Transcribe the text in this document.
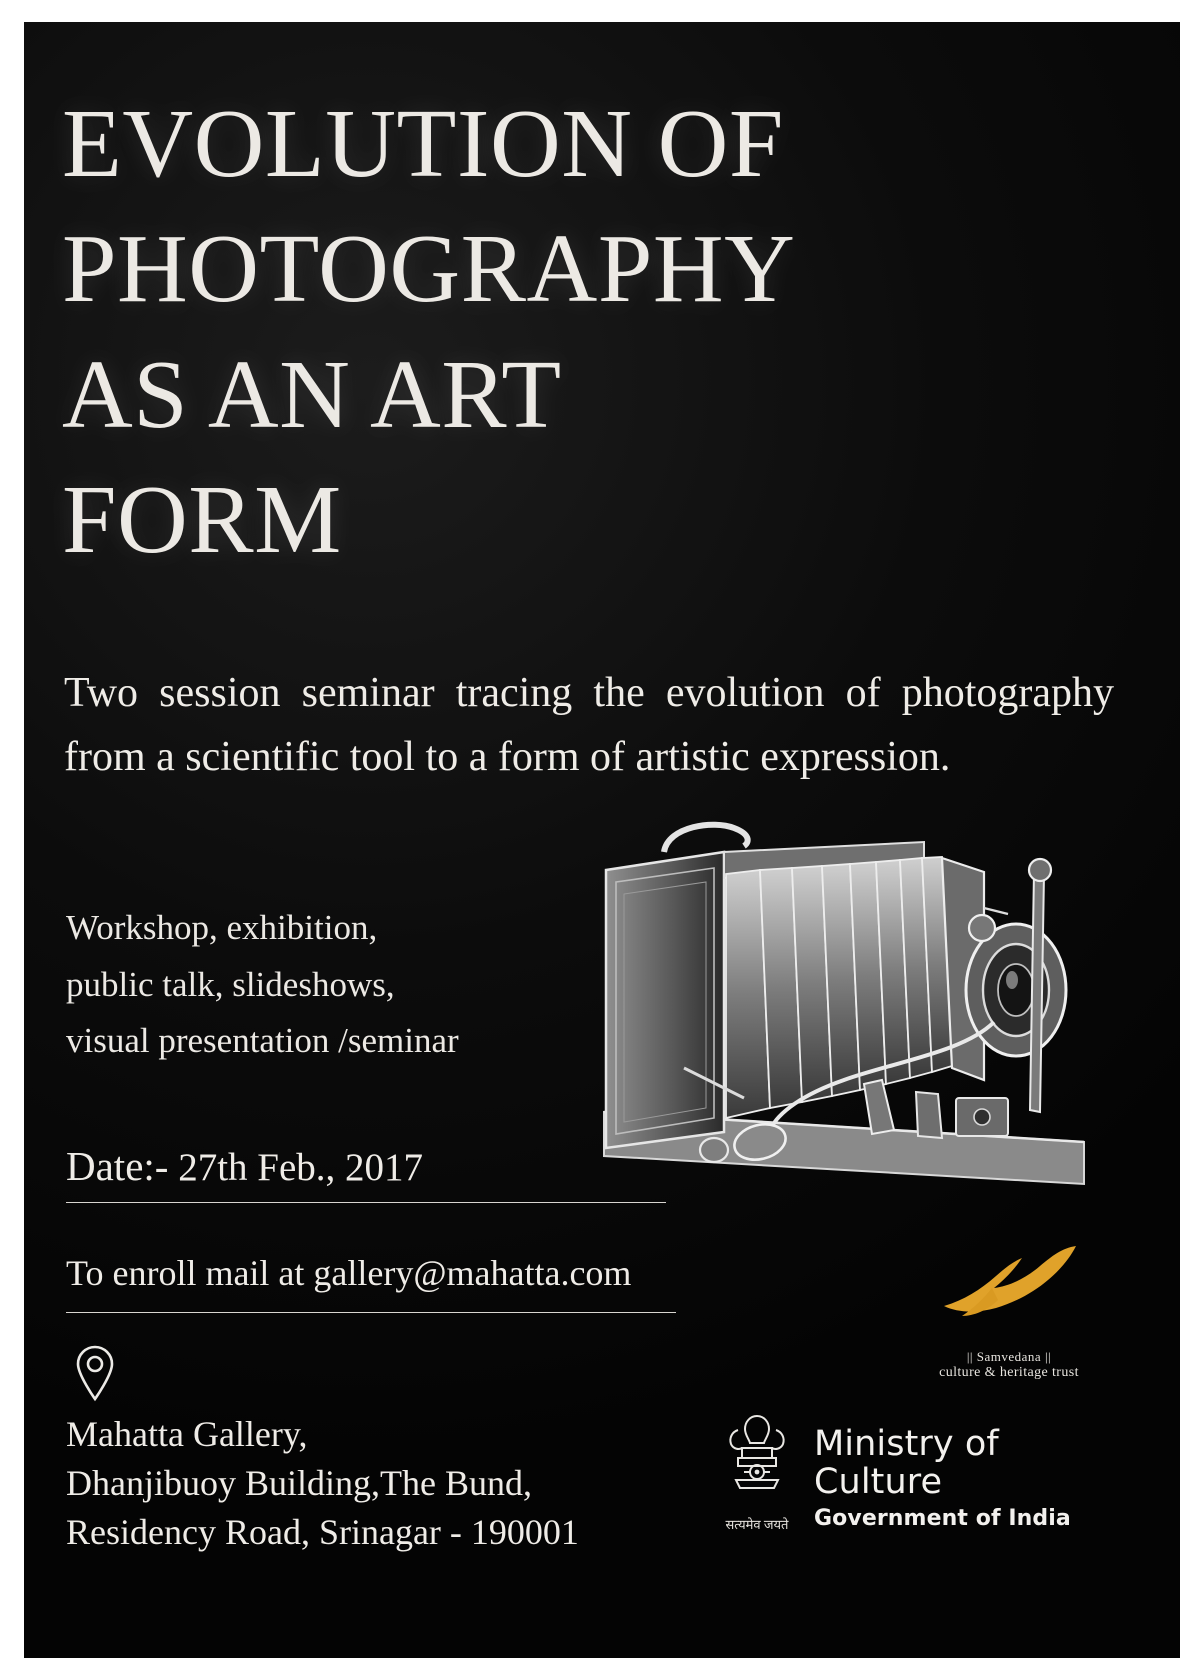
EVOLUTION OF
PHOTOGRAPHY
AS AN ART
FORM
Two session seminar tracing the evolution of photography from a scientific tool to a form of artistic expression.
Workshop, exhibition,
public talk, slideshows,
visual presentation /seminar
Date:- 27th Feb., 2017
To enroll mail at gallery@mahatta.com
Mahatta Gallery,
Dhanjibuoy Building,The Bund,
Residency Road, Srinagar - 190001
|| Samvedana ||
culture & heritage trust
सत्यमेव जयते
Ministry of Culture
Government of India
